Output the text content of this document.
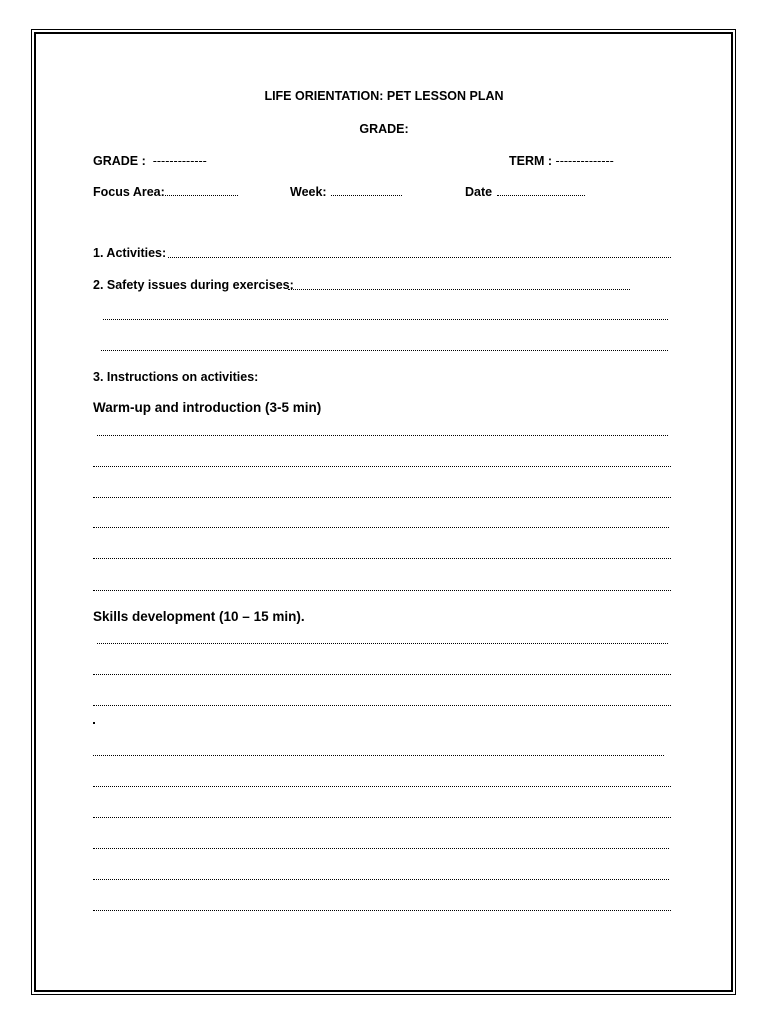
LIFE ORIENTATION: PET LESSON PLAN
GRADE:
GRADE : -------------	TERM : --------------
Focus Area:	Week:	Date
1. Activities:
2. Safety issues during exercises:
3. Instructions on activities:
Warm-up and introduction (3-5 min)
Skills development (10 – 15 min).
